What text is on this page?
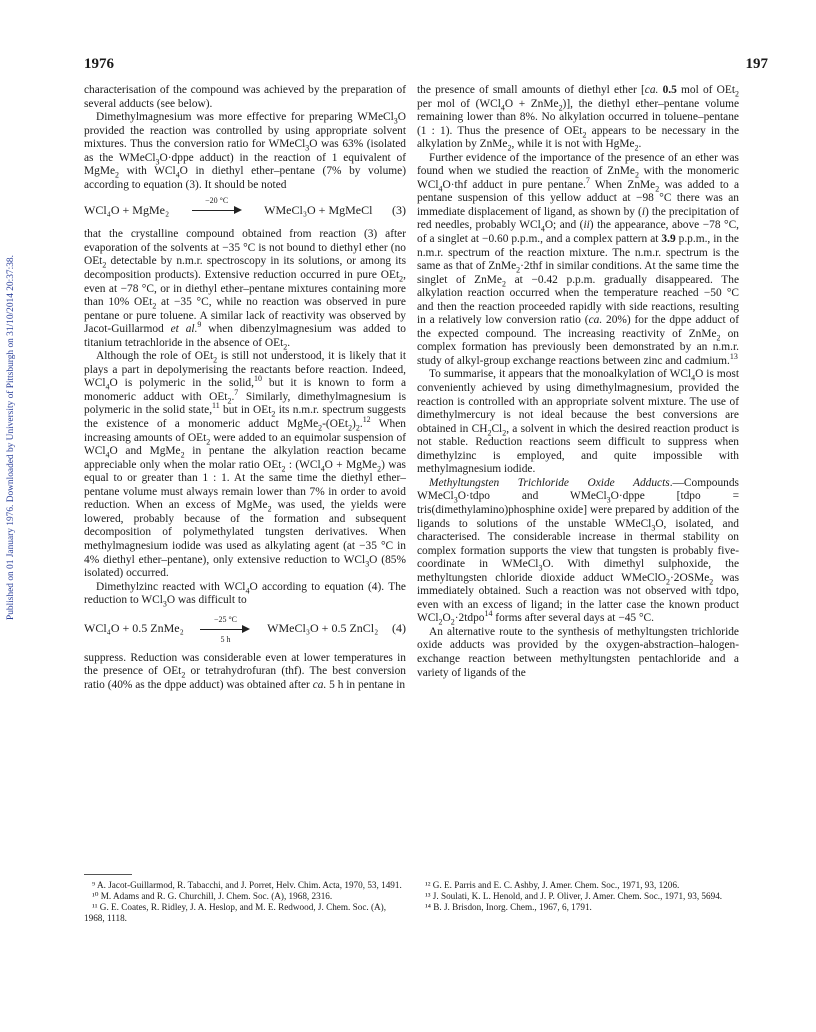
1976	197
Published on 01 January 1976. Downloaded by University of Pittsburgh on 31/10/2014 20:37:38.

characterisation of the compound was achieved by the preparation of several adducts (see below).

Dimethylmagnesium was more effective for preparing WMeCl$_3$O provided the reaction was controlled by using appropriate solvent mixtures. Thus the conversion ratio for WMeCl$_3$O was 63% (isolated as the WMeCl$_3$O·dppe adduct) in the reaction of 1 equivalent of MgMe$_2$ with WCl$_4$O in diethyl ether–pentane (7% by volume) according to equation (3). It should be noted

WCl₄O + MgMe₂
−20 °C
WMeCl₃O + MgMeCl (3)

that the crystalline compound obtained from reaction (3) after evaporation of the solvents at −35 °C is not bound to diethyl ether (no OEt$_2$ detectable by n.m.r. spectroscopy in its solutions, or among its decomposition products). Extensive reduction occurred in pure OEt$_2$, even at −78 °C, or in diethyl ether–pentane mixtures containing more than 10% OEt$_2$ at −35 °C, while no reaction was observed in pure pentane or pure toluene. A similar lack of reactivity was observed by Jacot-Guillarmod et al.$^9$ when dibenzylmagnesium was added to titanium tetrachloride in the absence of OEt$_2$.

Although the role of OEt$_2$ is still not understood, it is likely that it plays a part in depolymerising the reactants before reaction. Indeed, WCl$_4$O is polymeric in the solid,$^{10}$ but it is known to form a monomeric adduct with OEt$_2$.$^7$ Similarly, dimethylmagnesium is polymeric in the solid state,$^{11}$ but in OEt$_2$ its n.m.r. spectrum suggests the existence of a monomeric adduct $MgMe_2-(OEt_2)_2.^{12}$ When increasing amounts of OEt$_2$ were added to an equimolar suspension of WCl$_4$O and MgMe$_2$ in pentane the alkylation reaction became appreciable only when the molar ratio OEt$_2$ : (WCl$_4$O + MgMe$_2$) was equal to or greater than 1 : 1. At the same time the diethyl ether–pentane volume must always remain lower than 7% in order to avoid reduction. When an excess of MgMe$_2$ was used, the yields were lowered, probably because of the formation and subsequent decomposition of polymethylated tungsten derivatives. When methylmagnesium iodide was used as alkylating agent (at −35 °C in 4% diethyl ether–pentane), only extensive reduction to WCl$_3$O (85% isolated) occurred.

Dimethylzinc reacted with WCl$_4$O according to equation (4). The reduction to WCl$_3$O was difficult to

WCl₄O + 0.5 ZnMe₂
−25 °C
5 h
WMeCl₃O + 0.5 ZnCl₂ (4)

suppress. Reduction was considerable even at lower temperatures in the presence of OEt$_2$ or tetrahydrofuran (thf). The best conversion ratio (40% as the dppe adduct) was obtained after ca. 5 h in pentane in

the presence of small amounts of diethyl ether [ca. 0.5 mol of OEt$_2$ per mol of (WCl$_4$O + ZnMe$_2$)], the diethyl ether–pentane volume remaining lower than 8%. No alkylation occurred in toluene–pentane (1 : 1). Thus the presence of OEt$_2$ appears to be necessary in the alkylation by ZnMe$_2$, while it is not with HgMe$_2$.

Further evidence of the importance of the presence of an ether was found when we studied the reaction of ZnMe$_2$ with the monomeric WCl$_4$O·thf adduct in pure pentane.$^7$ When ZnMe$_2$ was added to a pentane suspension of this yellow adduct at −98 °C there was an immediate displacement of ligand, as shown by (i) the precipitation of red needles, probably WCl$_4$O; and (ii) the appearance, above −78 °C, of a singlet at −0.60 p.p.m., and a complex pattern at 3.9 p.p.m., in the n.m.r. spectrum of the reaction mixture. The n.m.r. spectrum is the same as that of ZnMe$_2$·2thf in similar conditions. At the same time the singlet of ZnMe$_2$ at −0.42 p.p.m. gradually disappeared. The alkylation reaction occurred when the temperature reached −50 °C and then the reaction proceeded rapidly with side reactions, resulting in a relatively low conversion ratio (ca. 20%) for the dppe adduct of the expected compound. The increasing reactivity of ZnMe$_2$ on complex formation has previously been demonstrated by an n.m.r. study of alkyl-group exchange reactions between zinc and cadmium.$^{13}$

To summarise, it appears that the monoalkylation of WCl$_4$O is most conveniently achieved by using dimethylmagnesium, provided the reaction is controlled with an appropriate solvent mixture. The use of dimethylmercury is not ideal because the best conversions are obtained in $CH_2Cl_2$, a solvent in which the desired reaction product is not stable. Reduction reactions seem difficult to suppress when dimethylzinc is employed, and quite impossible with methylmagnesium iodide.

Methyltungsten Trichloride Oxide Adducts.—Compounds WMeCl$_3$O·tdpo and WMeCl$_3$O·dppe [tdpo = tris(dimethylamino)phosphine oxide] were prepared by addition of the ligands to solutions of the unstable WMeCl$_3$O, isolated, and characterised. The considerable increase in thermal stability on complex formation supports the view that tungsten is probably five-coordinate in WMeCl$_3$O. With dimethyl sulphoxide, the methyltungsten chloride dioxide adduct WMeClO$_2$·2OSMe$_2$ was immediately obtained. Such a reaction was not observed with tdpo, even with an excess of ligand; in the latter case the known product $WCl_2O_2\cdot 2tdpo^{14}$ forms after several days at −45 °C.

An alternative route to the synthesis of methyltungsten trichloride oxide adducts was provided by the oxygen-abstraction–halogen-exchange reaction between methyltungsten pentachloride and a variety of ligands of the

⁹ A. Jacot-Guillarmod, R. Tabacchi, and J. Porret, Helv. Chim. Acta, 1970, 53, 1491.

¹⁰ M. Adams and R. G. Churchill, J. Chem. Soc. (A), 1968, 2316.

¹¹ G. E. Coates, R. Ridley, J. A. Heslop, and M. E. Redwood, J. Chem. Soc. (A), 1968, 1118.

¹² G. E. Parris and E. C. Ashby, J. Amer. Chem. Soc., 1971, 93, 1206.

¹³ J. Soulati, K. L. Henold, and J. P. Oliver, J. Amer. Chem. Soc., 1971, 93, 5694.

¹⁴ B. J. Brisdon, Inorg. Chem., 1967, 6, 1791.
